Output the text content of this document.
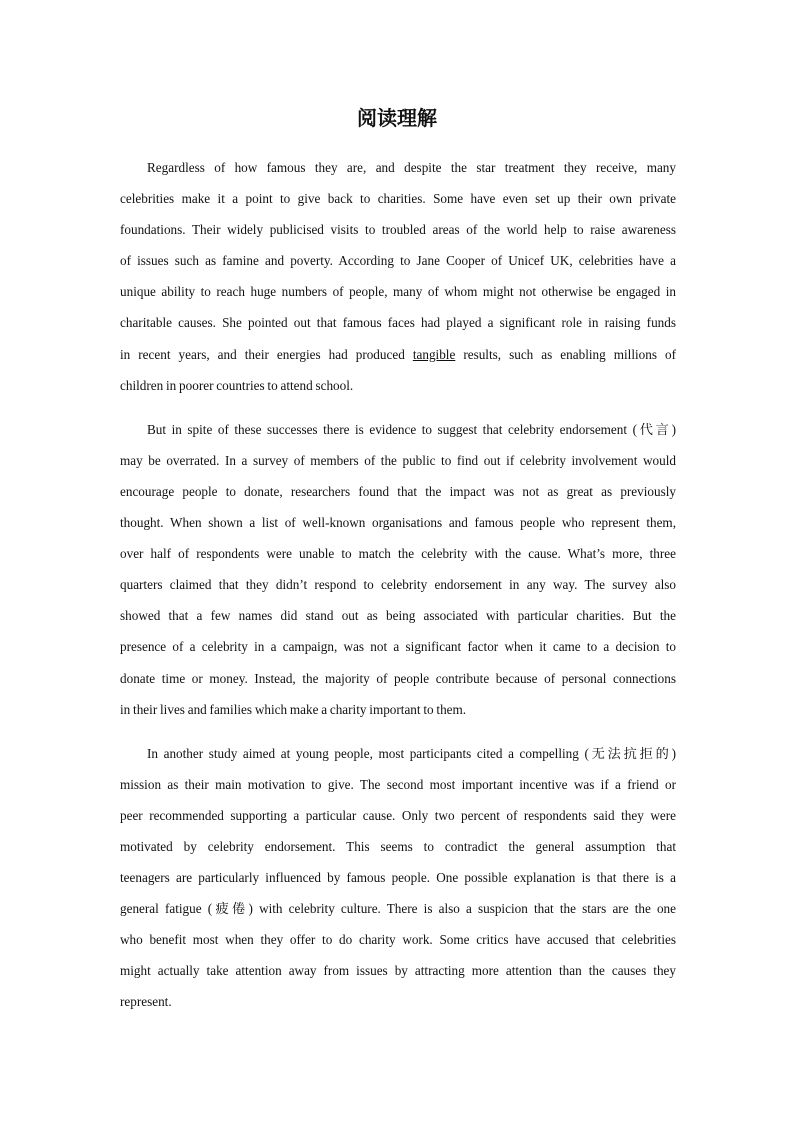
阅读理解

Regardless of how famous they are, and despite the star treatment they receive, many
celebrities make it a point to give back to charities. Some have even set up their own private
foundations. Their widely publicised visits to troubled areas of the world help to raise awareness
of issues such as famine and poverty. According to Jane Cooper of Unicef UK, celebrities have a
unique ability to reach huge numbers of people, many of whom might not otherwise be engaged in
charitable causes. She pointed out that famous faces had played a significant role in raising funds
in recent years, and their energies had produced tangible results, such as enabling millions of
children in poorer countries to attend school.

But in spite of these successes there is evidence to suggest that celebrity endorsement (代言)
may be overrated. In a survey of members of the public to find out if celebrity involvement would
encourage people to donate, researchers found that the impact was not as great as previously
thought. When shown a list of well-known organisations and famous people who represent them,
over half of respondents were unable to match the celebrity with the cause. What’s more, three
quarters claimed that they didn’t respond to celebrity endorsement in any way. The survey also
showed that a few names did stand out as being associated with particular charities. But the
presence of a celebrity in a campaign, was not a significant factor when it came to a decision to
donate time or money. Instead, the majority of people contribute because of personal connections
in their lives and families which make a charity important to them.

In another study aimed at young people, most participants cited a compelling (无法抗拒的)
mission as their main motivation to give. The second most important incentive was if a friend or
peer recommended supporting a particular cause. Only two percent of respondents said they were
motivated by celebrity endorsement. This seems to contradict the general assumption that
teenagers are particularly influenced by famous people. One possible explanation is that there is a
general fatigue (疲倦) with celebrity culture. There is also a suspicion that the stars are the one
who benefit most when they offer to do charity work. Some critics have accused that celebrities
might actually take attention away from issues by attracting more attention than the causes they
represent.
